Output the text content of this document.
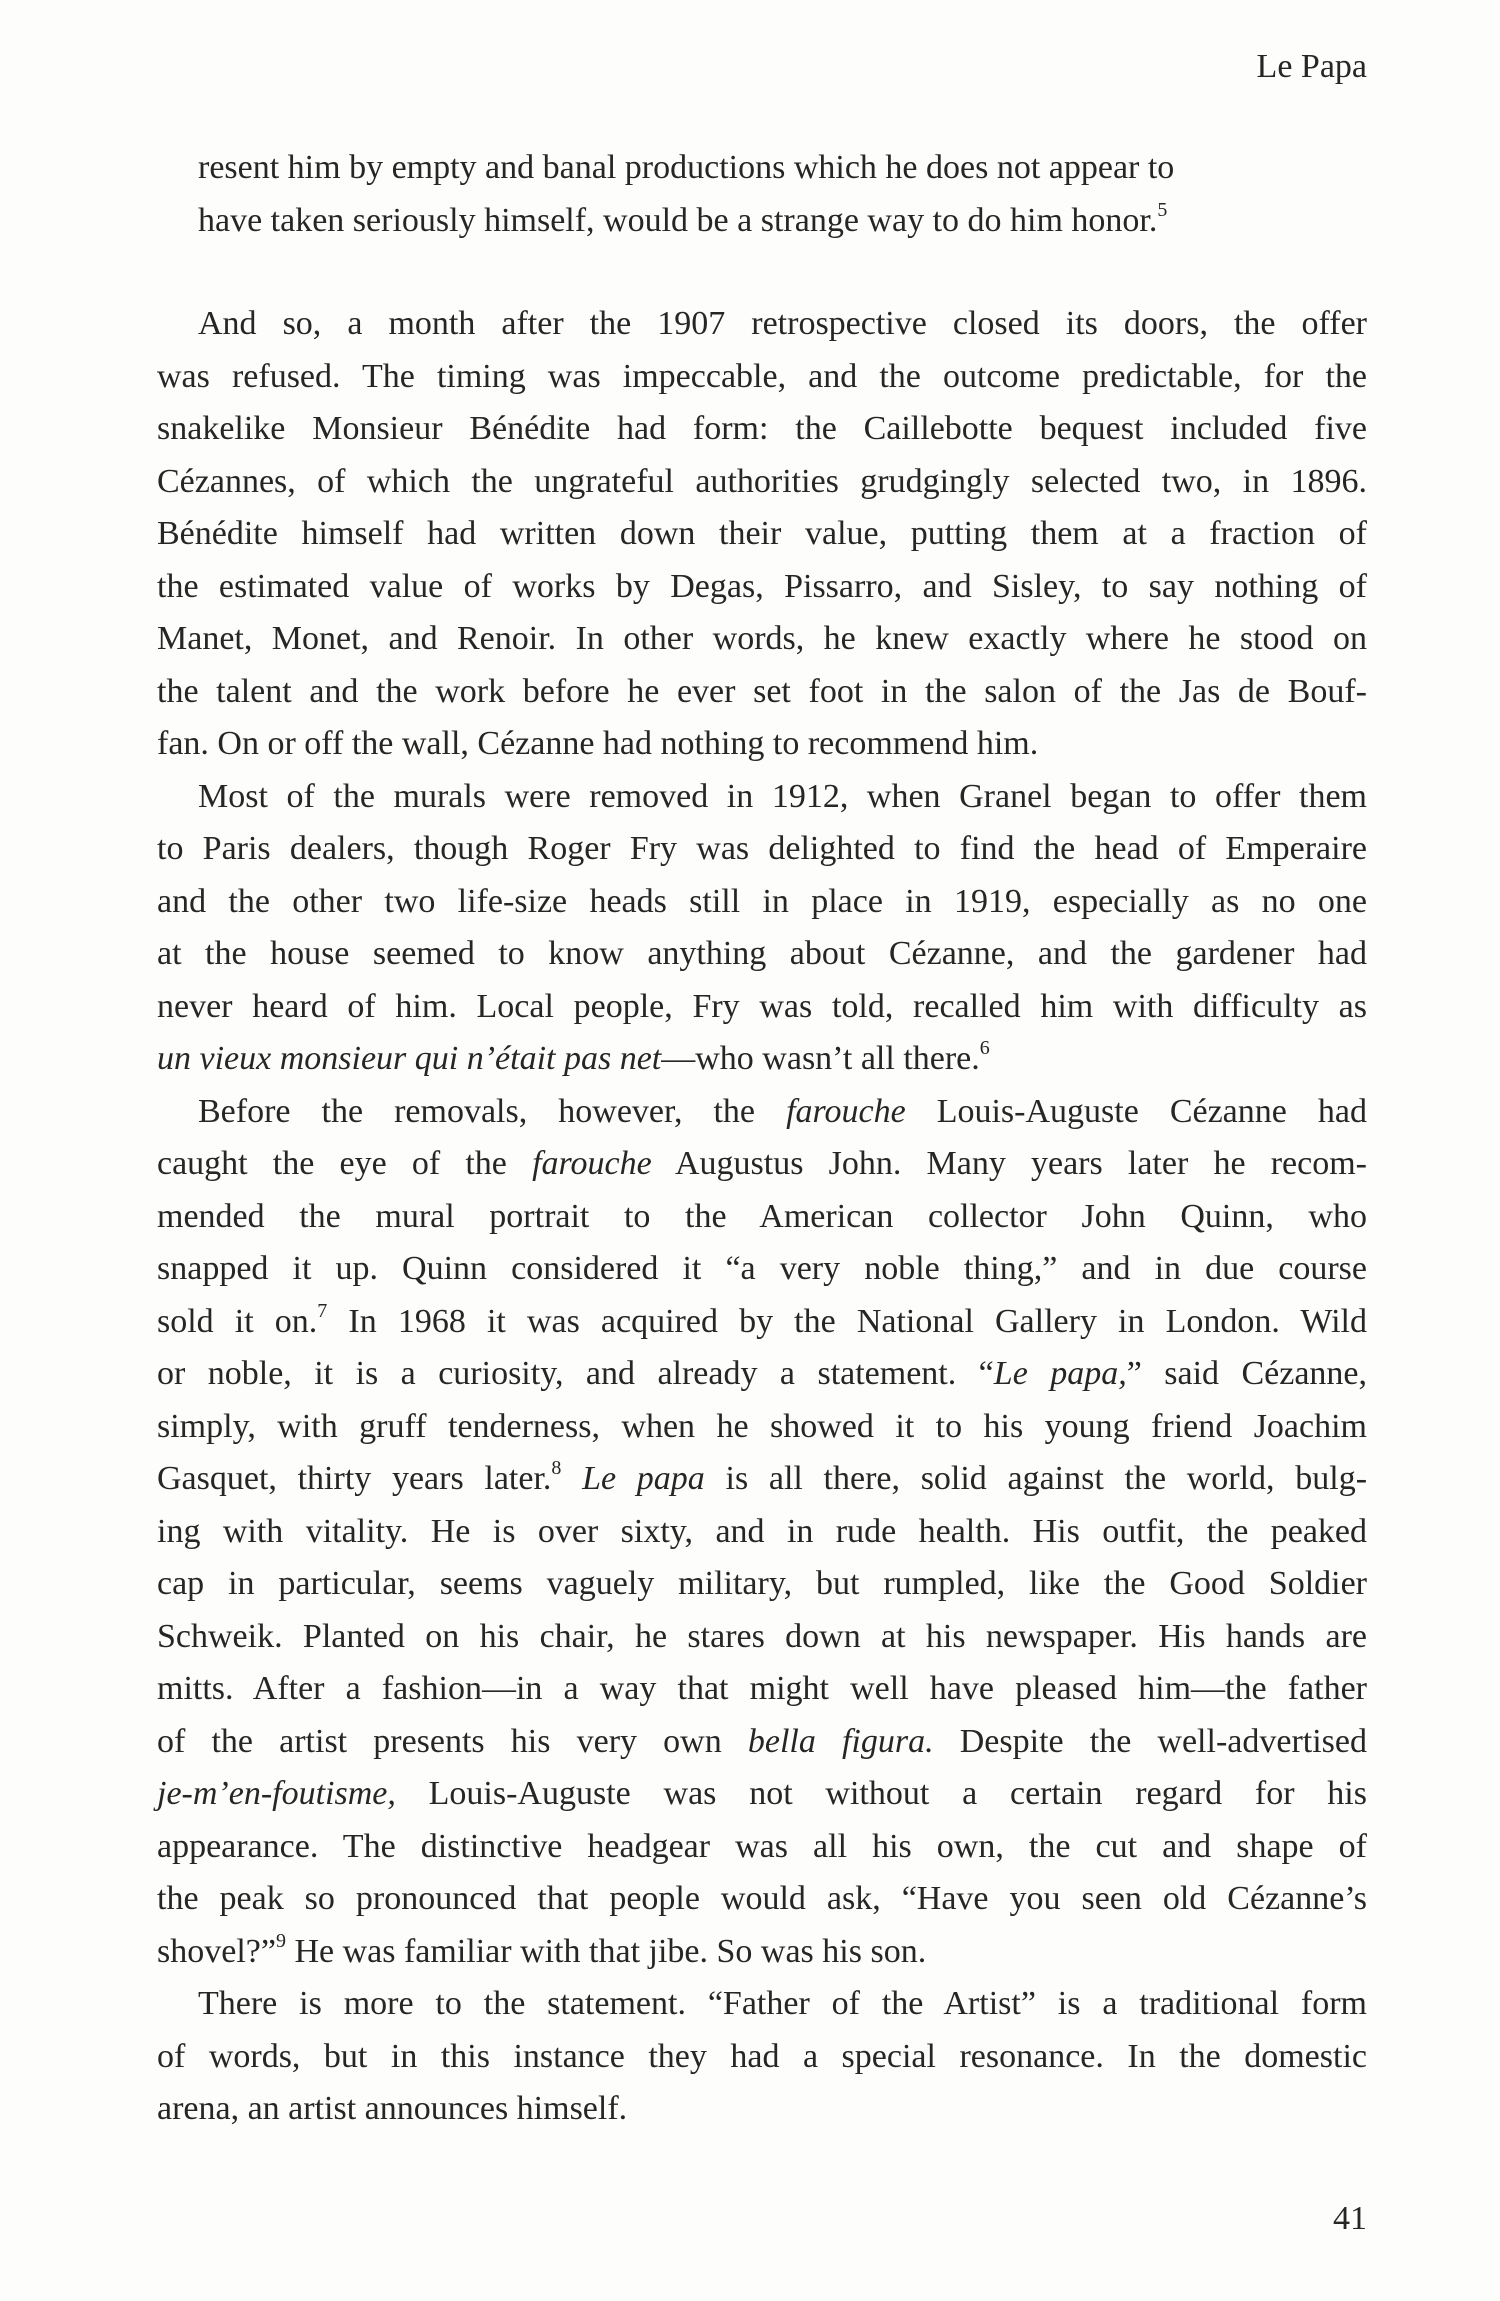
Le Papa
resent him by empty and banal productions which he does not appear to
have taken seriously himself, would be a strange way to do him honor.$^5$
And so, a month after the 1907 retrospective closed its doors, the offer
was refused. The timing was impeccable, and the outcome predictable, for the
snakelike Monsieur Bénédite had form: the Caillebotte bequest included five
Cézannes, of which the ungrateful authorities grudgingly selected two, in 1896.
Bénédite himself had written down their value, putting them at a fraction of
the estimated value of works by Degas, Pissarro, and Sisley, to say nothing of
Manet, Monet, and Renoir. In other words, he knew exactly where he stood on
the talent and the work before he ever set foot in the salon of the Jas de Bouf-
fan. On or off the wall, Cézanne had nothing to recommend him.
Most of the murals were removed in 1912, when Granel began to offer them
to Paris dealers, though Roger Fry was delighted to find the head of Emperaire
and the other two life-size heads still in place in 1919, especially as no one
at the house seemed to know anything about Cézanne, and the gardener had
never heard of him. Local people, Fry was told, recalled him with difficulty as
un vieux monsieur qui n’était pas net—who wasn’t all there.$^6$
Before the removals, however, the farouche Louis-Auguste Cézanne had
caught the eye of the farouche Augustus John. Many years later he recom-
mended the mural portrait to the American collector John Quinn, who
snapped it up. Quinn considered it “a very noble thing,” and in due course
sold it on.$^7$ In 1968 it was acquired by the National Gallery in London. Wild
or noble, it is a curiosity, and already a statement. “Le papa,” said Cézanne,
simply, with gruff tenderness, when he showed it to his young friend Joachim
Gasquet, thirty years later.$^8$ Le papa is all there, solid against the world, bulg-
ing with vitality. He is over sixty, and in rude health. His outfit, the peaked
cap in particular, seems vaguely military, but rumpled, like the Good Soldier
Schweik. Planted on his chair, he stares down at his newspaper. His hands are
mitts. After a fashion—in a way that might well have pleased him—the father
of the artist presents his very own bella figura. Despite the well-advertised
je-m’en-foutisme, Louis-Auguste was not without a certain regard for his
appearance. The distinctive headgear was all his own, the cut and shape of
the peak so pronounced that people would ask, “Have you seen old Cézanne’s
shovel?”$^9$ He was familiar with that jibe. So was his son.
There is more to the statement. “Father of the Artist” is a traditional form
of words, but in this instance they had a special resonance. In the domestic
arena, an artist announces himself.
41
